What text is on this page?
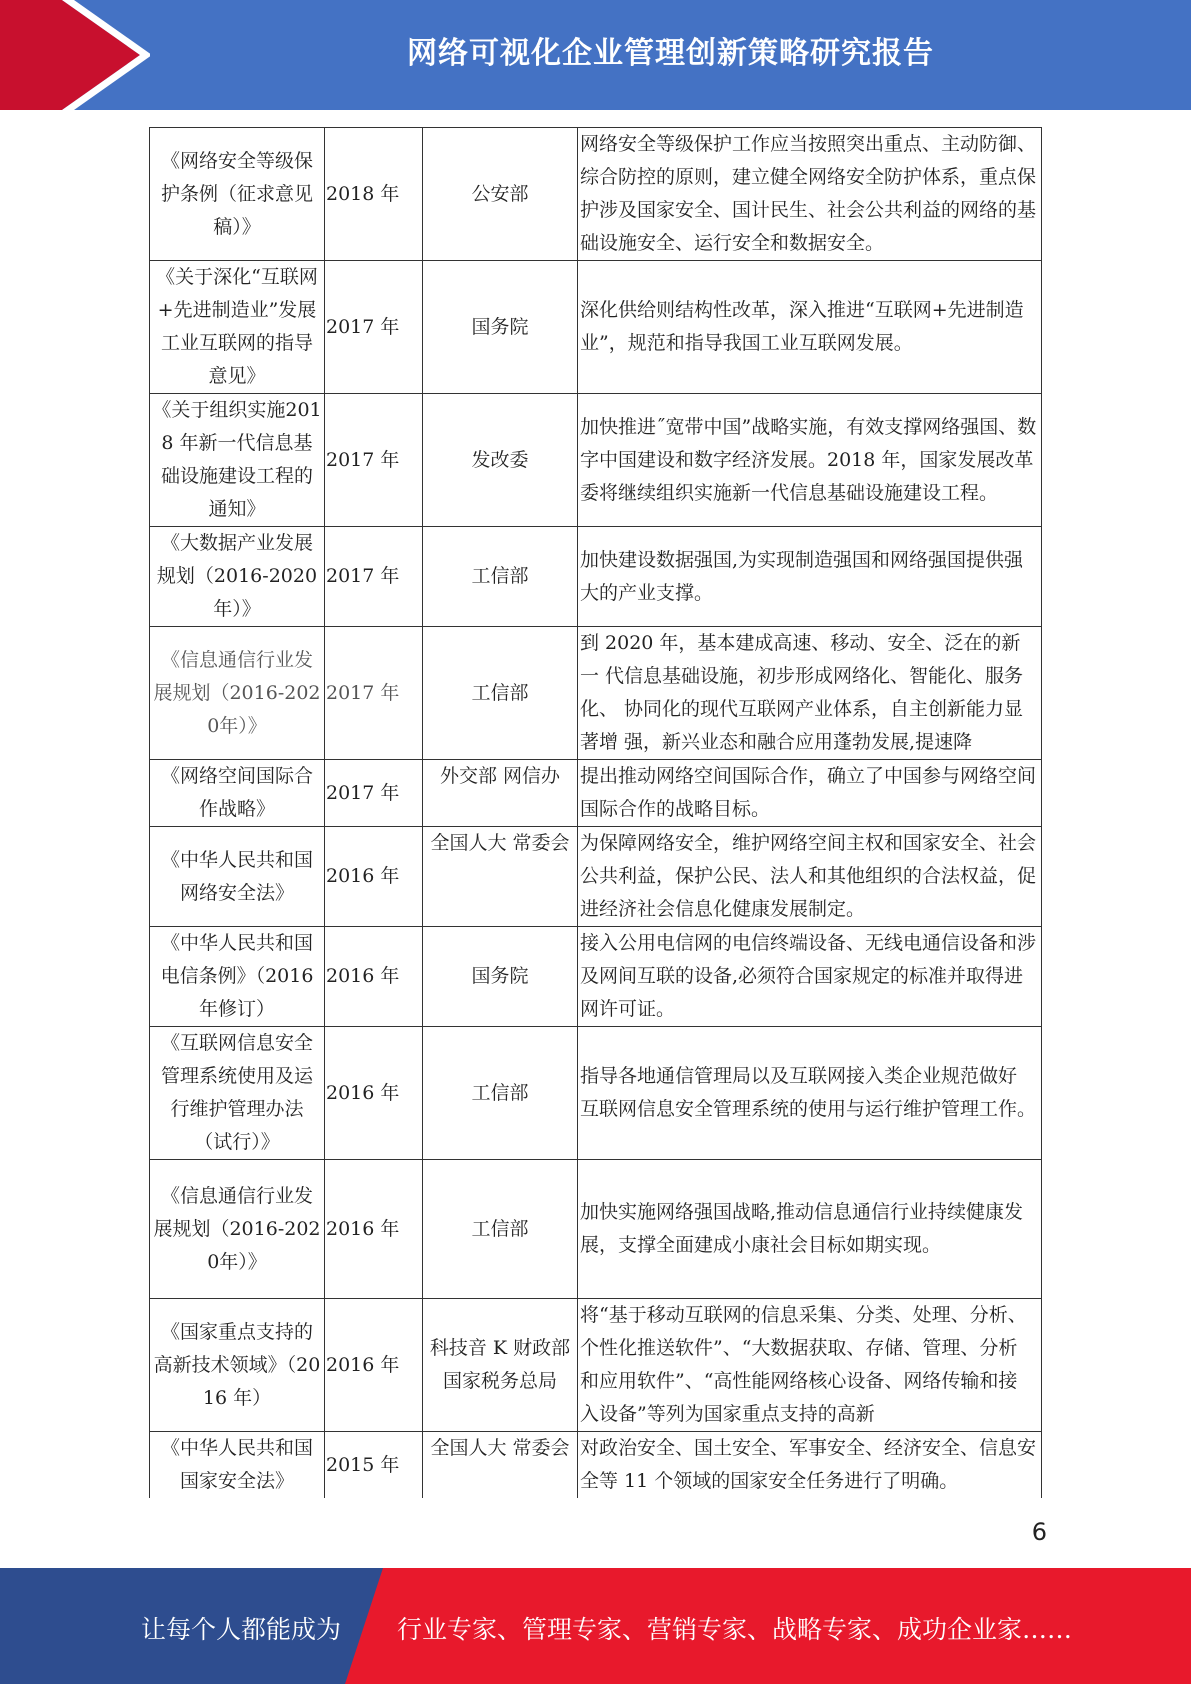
网络可视化企业管理创新策略研究报告
《网络安全等级保护条例（征求意见稿）》	2018 年	公安部	网络安全等级保护工作应当按照突出重点、主动防御、 综合防控的原则，建立健全网络安全防护体系，重点保 护涉及国家安全、国计民生、社会公共利益的网络的基 础设施安全、运行安全和数据安全。
《关于深化“互联网+先进制造业”发展工业互联网的指导意见》	2017 年	国务院	深化供给则结构性改革，深入推进“互联网+先进制造 业”，规范和指导我国工业互联网发展。
《关于组织实施2018 年新一代信息基础设施建设工程的通知》	2017 年	发改委	加快推进˝宽带中国”战略实施，有效支撑网络强国、数字中国建设和数字经济发展。2018 年，国家发展改革委将继续组织实施新一代信息基础设施建设工程。
《大数据产业发展规划（2016-2020年）》	2017 年	工信部	加快建设数据强国,为实现制造强国和网络强国提供强 大的产业支撑。
《信息通信行业发展规划（2016-2020年）》	2017 年	工信部	到 2020 年，基本建成高速、移动、安全、泛在的新一 代信息基础设施，初步形成网络化、智能化、服务化、 协同化的现代互联网产业体系，自主创新能力显著增 强，新兴业态和融合应用蓬勃发展,提速降
《网络空间国际合作战略》	2017 年	外交部 网信办	提出推动网络空间国际合作，确立了中国参与网络空间 国际合作的战略目标。
《中华人民共和国网络安全法》	2016 年	全国人大 常委会	为保障网络安全，维护网络空间主权和国家安全、社会 公共利益，保护公民、法人和其他组织的合法权益，促 进经济社会信息化健康发展制定。
《中华人民共和国电信条例》（2016年修订）	2016 年	国务院	接入公用电信网的电信终端设备、无线电通信设备和涉 及网间互联的设备,必须符合国家规定的标准并取得进 网许可证。
《互联网信息安全管理系统使用及运行维护管理办法（试行）》	2016 年	工信部	指导各地通信管理局以及互联网接入类企业规范做好 互联网信息安全管理系统的使用与运行维护管理工作。
《信息通信行业发展规划（2016-2020年）》	2016 年	工信部	加快实施网络强国战略,推动信息通信行业持续健康发 展，支撑全面建成小康社会目标如期实现。
《国家重点支持的高新技术领域》（2016 年）	2016 年	科技音 K 财政部 国家税务总局	将“基于移动互联网的信息采集、分类、处理、分析、 个性化推送软件”、“大数据获取、存储、管理、分析 和应用软件”、“高性能网络核心设备、网络传输和接 入设备”等列为国家重点支持的高新
《中华人民共和国国家安全法》	2015 年	全国人大 常委会	对政治安全、国土安全、军事安全、经济安全、信息安 全等 11 个领域的国家安全任务进行了明确。
6
让每个人都能成为 行业专家、管理专家、营销专家、战略专家、成功企业家……
